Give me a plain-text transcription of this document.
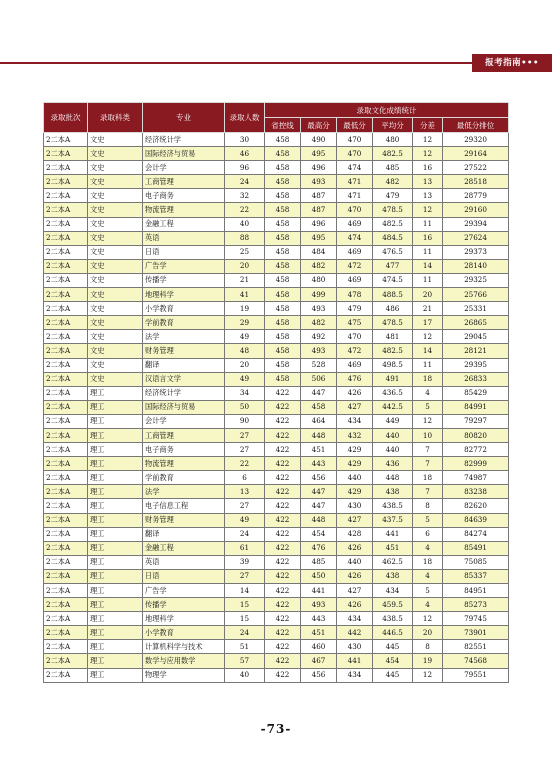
报考指南•••
录取批次	录取科类	专业	录取人数	录取文化成绩统计					
				省控线	最高分	最低分	平均分	分差	最低分排位
2二本A	文史	经济统计学	30	458	490	470	480	12	29320
2二本A	文史	国际经济与贸易	46	458	495	470	482.5	12	29164
2二本A	文史	会计学	96	458	496	474	485	16	27522
2二本A	文史	工商管理	24	458	493	471	482	13	28518
2二本A	文史	电子商务	32	458	487	471	479	13	28779
2二本A	文史	物流管理	22	458	487	470	478.5	12	29160
2二本A	文史	金融工程	40	458	496	469	482.5	11	29394
2二本A	文史	英语	88	458	495	474	484.5	16	27624
2二本A	文史	日语	25	458	484	469	476.5	11	29373
2二本A	文史	广告学	20	458	482	472	477	14	28140
2二本A	文史	传播学	21	458	480	469	474.5	11	29325
2二本A	文史	地理科学	41	458	499	478	488.5	20	25766
2二本A	文史	小学教育	19	458	493	479	486	21	25331
2二本A	文史	学前教育	29	458	482	475	478.5	17	26865
2二本A	文史	法学	49	458	492	470	481	12	29045
2二本A	文史	财务管理	48	458	493	472	482.5	14	28121
2二本A	文史	翻译	20	458	528	469	498.5	11	29395
2二本A	文史	汉语言文学	49	458	506	476	491	18	26833
2二本A	理工	经济统计学	34	422	447	426	436.5	4	85429
2二本A	理工	国际经济与贸易	50	422	458	427	442.5	5	84991
2二本A	理工	会计学	90	422	464	434	449	12	79297
2二本A	理工	工商管理	27	422	448	432	440	10	80820
2二本A	理工	电子商务	27	422	451	429	440	7	82772
2二本A	理工	物流管理	22	422	443	429	436	7	82999
2二本A	理工	学前教育	6	422	456	440	448	18	74987
2二本A	理工	法学	13	422	447	429	438	7	83238
2二本A	理工	电子信息工程	27	422	447	430	438.5	8	82620
2二本A	理工	财务管理	49	422	448	427	437.5	5	84639
2二本A	理工	翻译	24	422	454	428	441	6	84274
2二本A	理工	金融工程	61	422	476	426	451	4	85491
2二本A	理工	英语	39	422	485	440	462.5	18	75085
2二本A	理工	日语	27	422	450	426	438	4	85337
2二本A	理工	广告学	14	422	441	427	434	5	84951
2二本A	理工	传播学	15	422	493	426	459.5	4	85273
2二本A	理工	地理科学	15	422	443	434	438.5	12	79745
2二本A	理工	小学教育	24	422	451	442	446.5	20	73901
2二本A	理工	计算机科学与技术	51	422	460	430	445	8	82551
2二本A	理工	数学与应用数学	57	422	467	441	454	19	74568
2二本A	理工	物理学	40	422	456	434	445	12	79551
-73-
